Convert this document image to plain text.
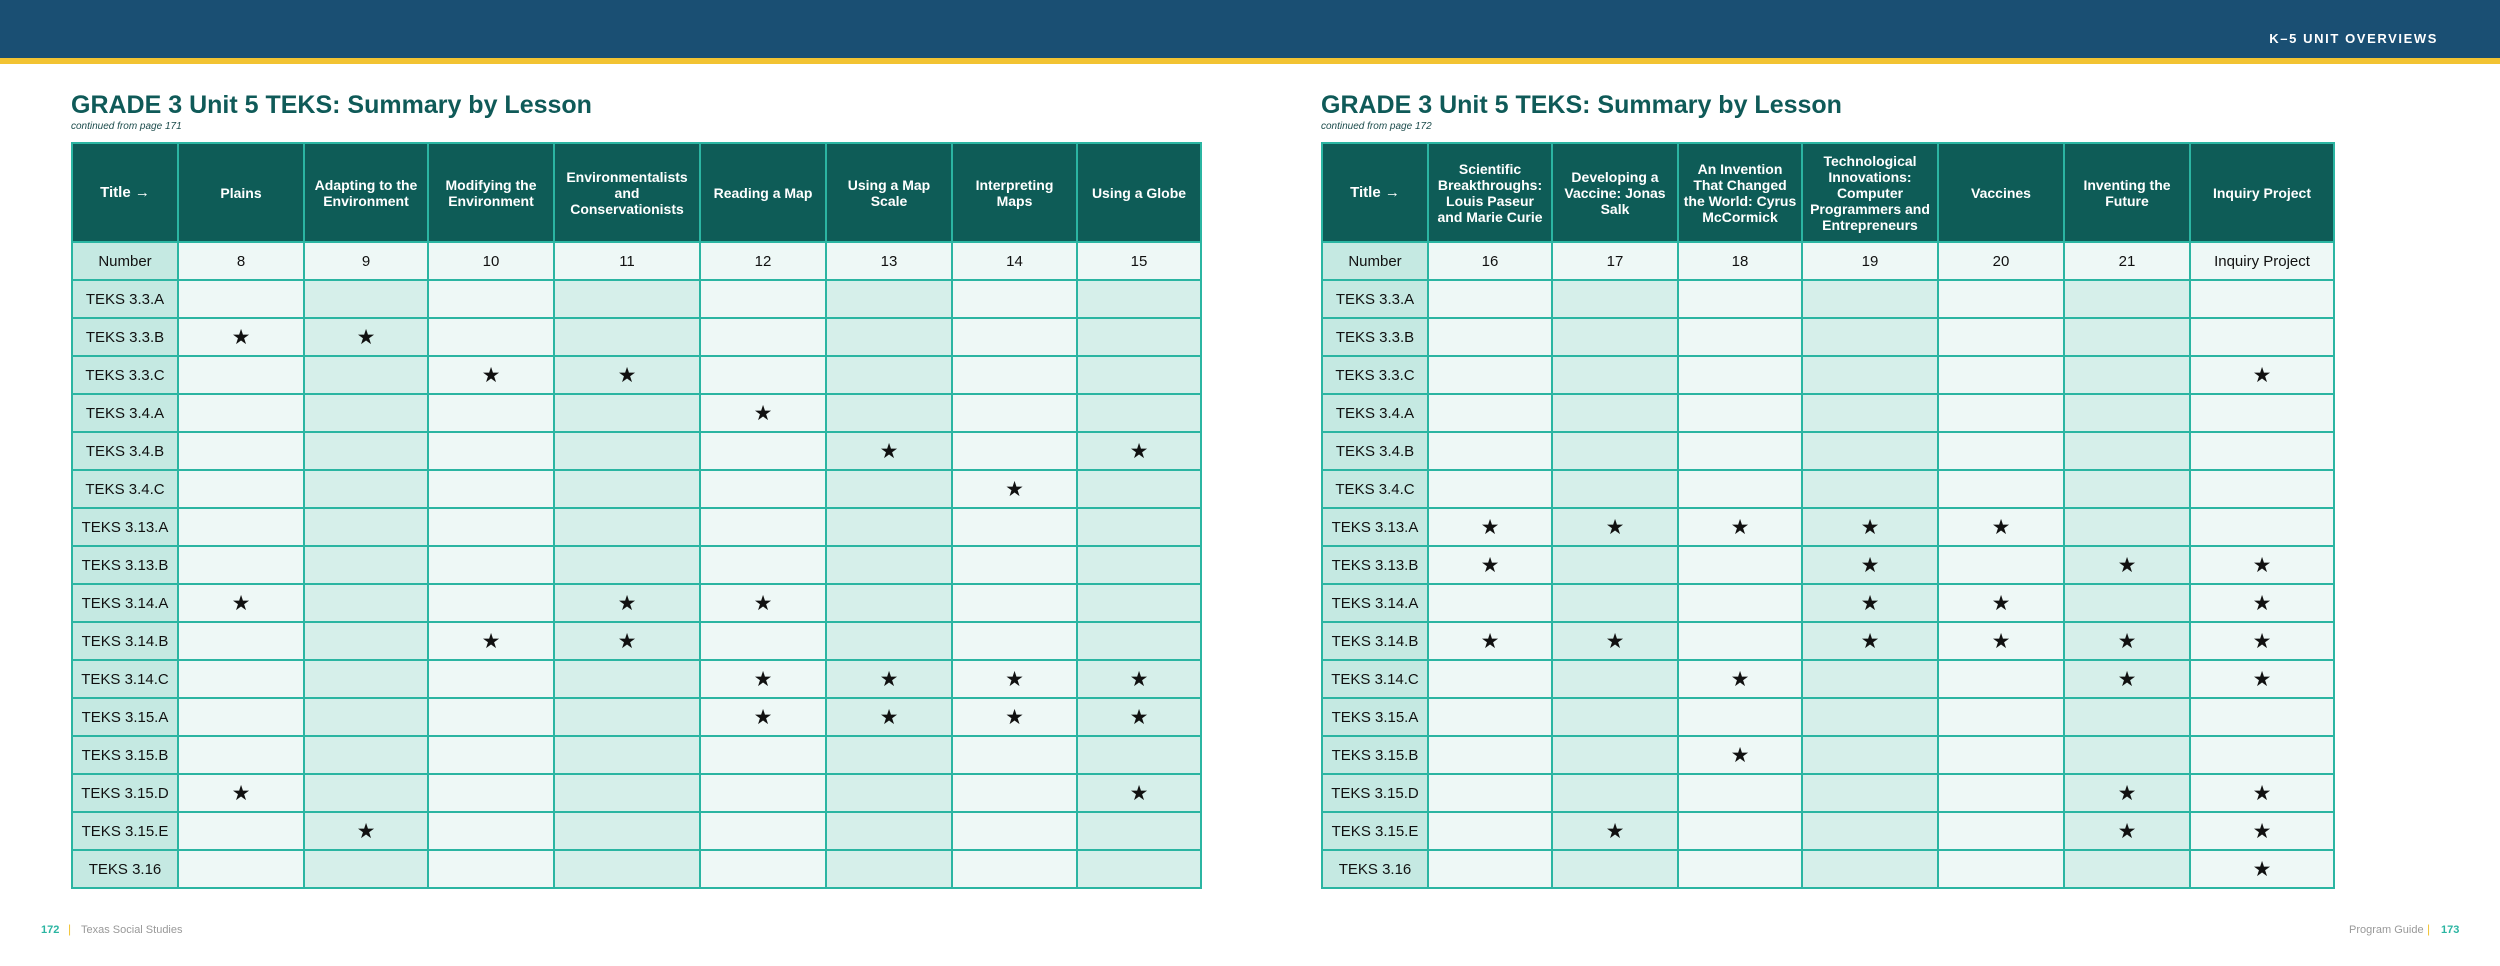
K–5 UNIT OVERVIEWS
GRADE 3 Unit 5 TEKS: Summary by Lesson
continued from page 171
Title →	Plains	Adapting to the Environment	Modifying the Environment	Environmentalists and Conservationists	Reading a Map	Using a Map Scale	Interpreting Maps	Using a Globe
Number	8	9	10	11	12	13	14	15
TEKS 3.3.A								
TEKS 3.3.B	★	★						
TEKS 3.3.C			★	★				
TEKS 3.4.A					★			
TEKS 3.4.B						★		★
TEKS 3.4.C							★	
TEKS 3.13.A								
TEKS 3.13.B								
TEKS 3.14.A	★			★	★			
TEKS 3.14.B			★	★				
TEKS 3.14.C					★	★	★	★
TEKS 3.15.A					★	★	★	★
TEKS 3.15.B								
TEKS 3.15.D	★							★
TEKS 3.15.E		★						
TEKS 3.16								
GRADE 3 Unit 5 TEKS: Summary by Lesson
continued from page 172
Title →	Scientific Breakthroughs: Louis Paseur and Marie Curie	Developing a Vaccine: Jonas Salk	An Invention That Changed the World: Cyrus McCormick	Technological Innovations: Computer Programmers and Entrepreneurs	Vaccines	Inventing the Future	Inquiry Project
Number	16	17	18	19	20	21	Inquiry Project
TEKS 3.3.A							
TEKS 3.3.B							
TEKS 3.3.C							★
TEKS 3.4.A							
TEKS 3.4.B							
TEKS 3.4.C							
TEKS 3.13.A	★	★	★	★	★		
TEKS 3.13.B	★			★		★	★
TEKS 3.14.A				★	★		★
TEKS 3.14.B	★	★		★	★	★	★
TEKS 3.14.C			★			★	★
TEKS 3.15.A							
TEKS 3.15.B			★				
TEKS 3.15.D						★	★
TEKS 3.15.E		★				★	★
TEKS 3.16							★
172 | Texas Social Studies	Program Guide | 173
